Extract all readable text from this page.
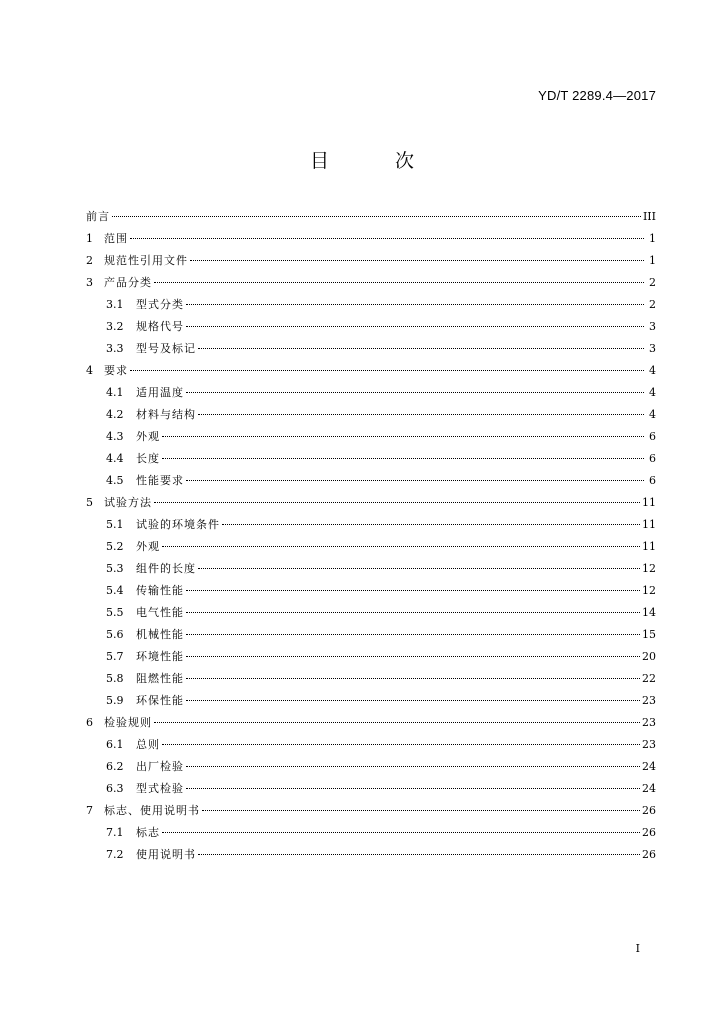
YD/T 2289.4—2017
目 次
前言	III
1	范围	1
2	规范性引用文件	1
3	产品分类	2
3.1	型式分类	2
3.2	规格代号	3
3.3	型号及标记	3
4	要求	4
4.1	适用温度	4
4.2	材料与结构	4
4.3	外观	6
4.4	长度	6
4.5	性能要求	6
5	试验方法	11
5.1	试验的环境条件	11
5.2	外观	11
5.3	组件的长度	12
5.4	传输性能	12
5.5	电气性能	14
5.6	机械性能	15
5.7	环境性能	20
5.8	阻燃性能	22
5.9	环保性能	23
6	检验规则	23
6.1	总则	23
6.2	出厂检验	24
6.3	型式检验	24
7	标志、使用说明书	26
7.1	标志	26
7.2	使用说明书	26
I
